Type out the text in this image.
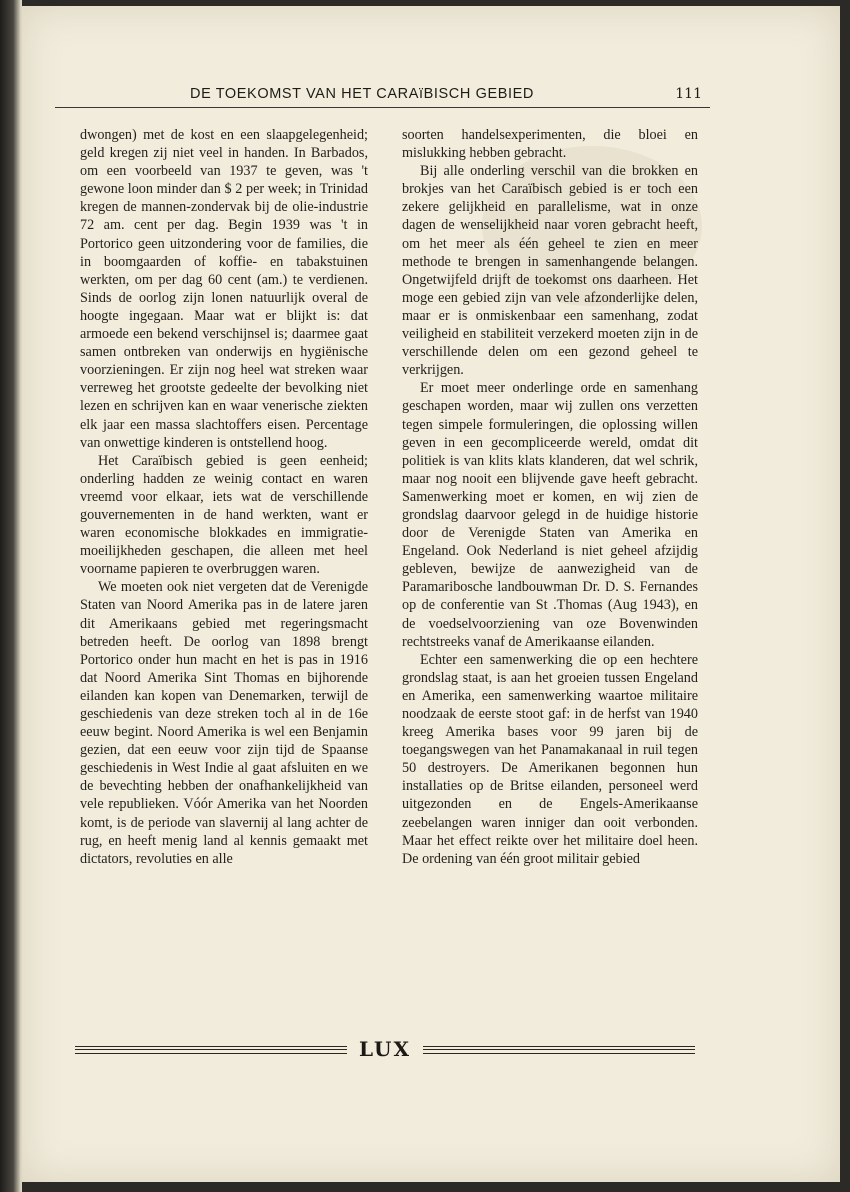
DE TOEKOMST VAN HET CARAïBISCH GEBIED	111

dwongen) met de kost en een slaapgelegenheid; geld kregen zij niet veel in handen. In Barbados, om een voorbeeld van 1937 te geven, was 't gewone loon minder dan $ 2 per week; in Trinidad kregen de mannen-zondervak bij de olie-industrie 72 am. cent per dag. Begin 1939 was 't in Portorico geen uitzondering voor de families, die in boomgaarden of koffie- en tabakstuinen werkten, om per dag 60 cent (am.) te verdienen. Sinds de oorlog zijn lonen natuurlijk overal de hoogte ingegaan. Maar wat er blijkt is: dat armoede een bekend verschijnsel is; daarmee gaat samen ontbreken van onderwijs en hygiënische voorzieningen. Er zijn nog heel wat streken waar verreweg het grootste gedeelte der bevolking niet lezen en schrijven kan en waar venerische ziekten elk jaar een massa slachtoffers eisen. Percentage van onwettige kinderen is ontstellend hoog.

Het Caraïbisch gebied is geen eenheid; onderling hadden ze weinig contact en waren vreemd voor elkaar, iets wat de verschillende gouvernementen in de hand werkten, want er waren economische blokkades en immigratie-moeilijkheden geschapen, die alleen met heel voorname papieren te overbruggen waren.

We moeten ook niet vergeten dat de Verenigde Staten van Noord Amerika pas in de latere jaren dit Amerikaans gebied met regeringsmacht betreden heeft. De oorlog van 1898 brengt Portorico onder hun macht en het is pas in 1916 dat Noord Amerika Sint Thomas en bijhorende eilanden kan kopen van Denemarken, terwijl de geschiedenis van deze streken toch al in de 16e eeuw begint. Noord Amerika is wel een Benjamin gezien, dat een eeuw voor zijn tijd de Spaanse geschiedenis in West Indie al gaat afsluiten en we de bevechting hebben der onafhankelijkheid van vele republieken. Vóór Amerika van het Noorden komt, is de periode van slavernij al lang achter de rug, en heeft menig land al kennis gemaakt met dictators, revoluties en alle

soorten handelsexperimenten, die bloei en mislukking hebben gebracht.

Bij alle onderling verschil van die brokken en brokjes van het Caraïbisch gebied is er toch een zekere gelijkheid en parallelisme, wat in onze dagen de wenselijkheid naar voren gebracht heeft, om het meer als één geheel te zien en meer methode te brengen in samenhangende belangen. Ongetwijfeld drijft de toekomst ons daarheen. Het moge een gebied zijn van vele afzonderlijke delen, maar er is onmiskenbaar een samenhang, zodat veiligheid en stabiliteit verzekerd moeten zijn in de verschillende delen om een gezond geheel te verkrijgen.

Er moet meer onderlinge orde en samenhang geschapen worden, maar wij zullen ons verzetten tegen simpele formuleringen, die oplossing willen geven in een gecompliceerde wereld, omdat dit politiek is van klits klats klanderen, dat wel schrik, maar nog nooit een blijvende gave heeft gebracht. Samenwerking moet er komen, en wij zien de grondslag daarvoor gelegd in de huidige historie door de Verenigde Staten van Amerika en Engeland. Ook Nederland is niet geheel afzijdig gebleven, bewijze de aanwezigheid van de Paramaribosche landbouwman Dr. D. S. Fernandes op de conferentie van St .Thomas (Aug 1943), en de voedselvoorziening van oze Bovenwinden rechtstreeks vanaf de Amerikaanse eilanden.

Echter een samenwerking die op een hechtere grondslag staat, is aan het groeien tussen Engeland en Amerika, een samenwerking waartoe militaire noodzaak de eerste stoot gaf: in de herfst van 1940 kreeg Amerika bases voor 99 jaren bij de toegangswegen van het Panamakanaal in ruil tegen 50 destroyers. De Amerikanen begonnen hun installaties op de Britse eilanden, personeel werd uitgezonden en de Engels-Amerikaanse zeebelangen waren inniger dan ooit verbonden. Maar het effect reikte over het militaire doel heen. De ordening van één groot militair gebied

LUX
